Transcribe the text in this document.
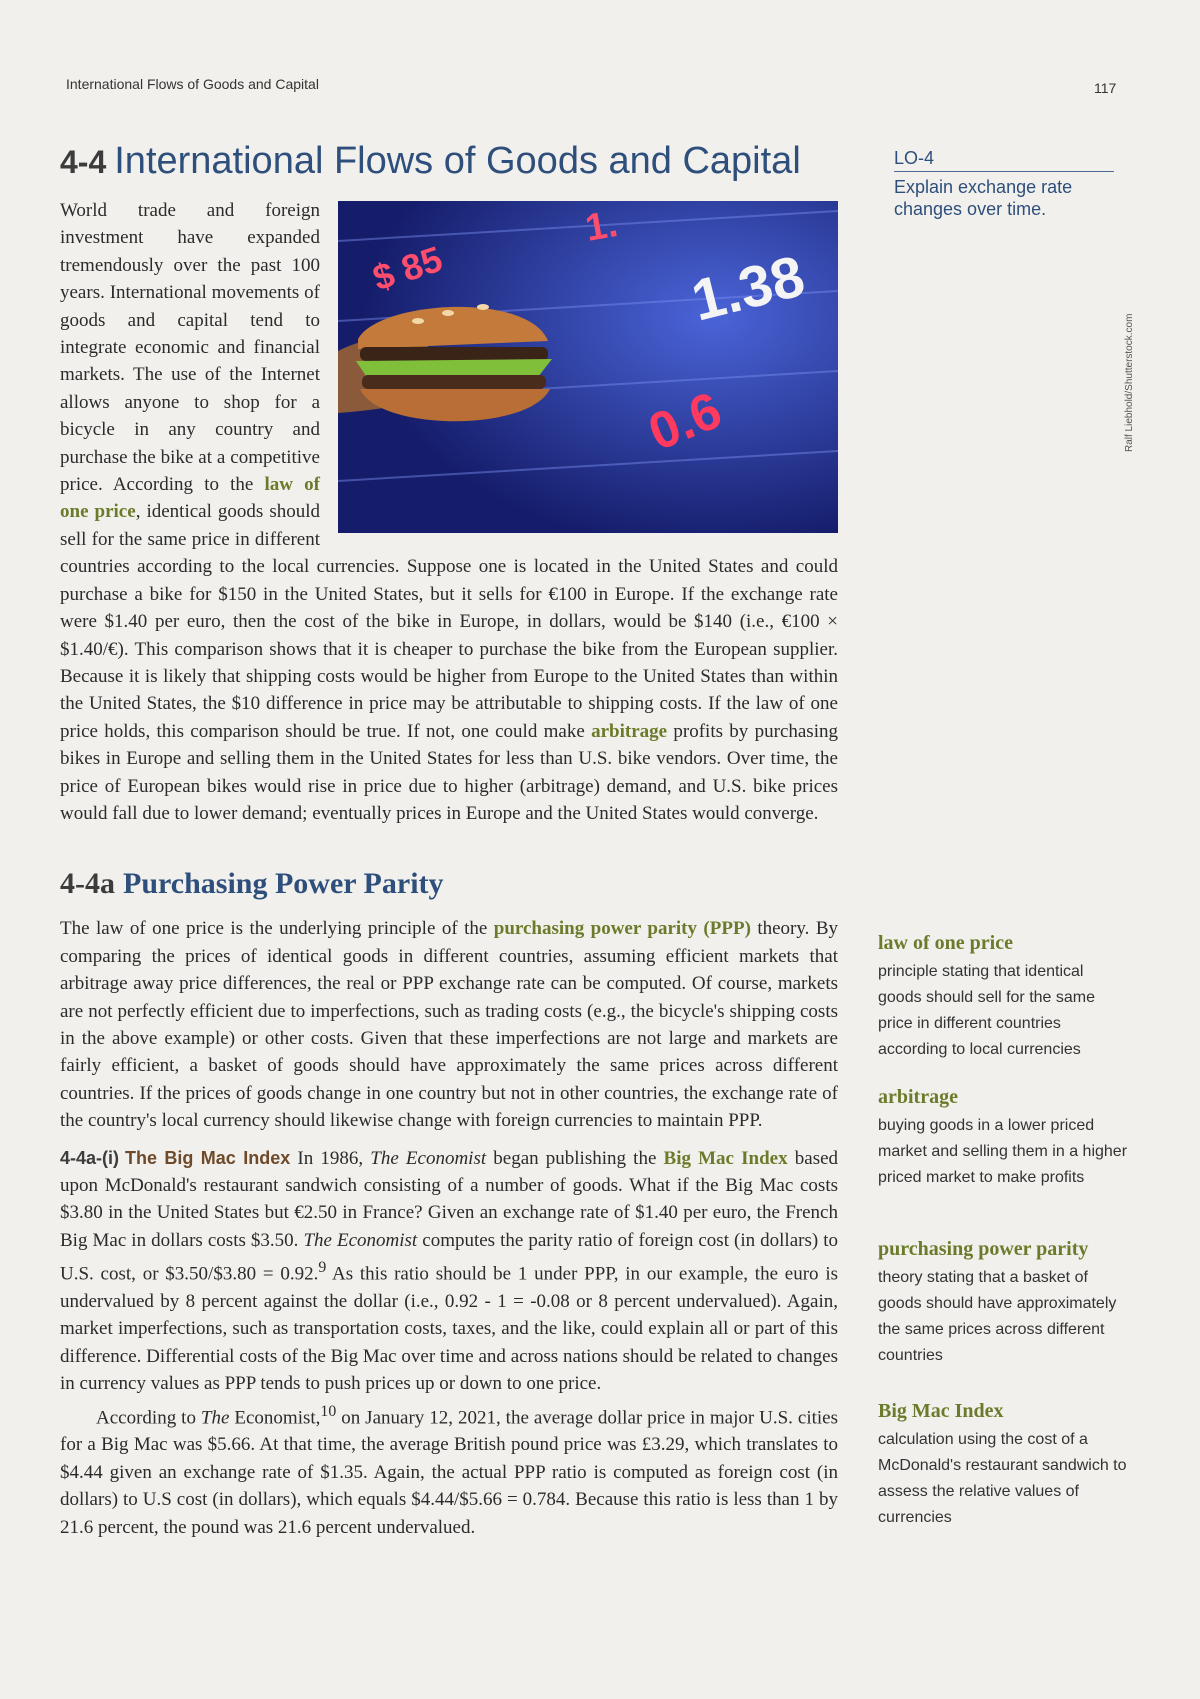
International Flows of Goods and Capital	117
4-4 International Flows of Goods and Capital

$ 85	1.38
1.
0.6
World trade and foreign investment have expanded tremendously over the past 100 years. International movements of goods and capital tend to integrate economic and financial markets. The use of the Internet allows anyone to shop for a bicycle in any country and purchase the bike at a competitive price. According to the law of one price, identical goods should sell for the same price in different countries according to the local currencies. Suppose one is located in the United States and could purchase a bike for $150 in the United States, but it sells for €100 in Europe. If the exchange rate were $1.40 per euro, then the cost of the bike in Europe, in dollars, would be $140 (i.e., €100 × $1.40/€). This comparison shows that it is cheaper to purchase the bike from the European supplier. Because it is likely that shipping costs would be higher from Europe to the United States than within the United States, the $10 difference in price may be attributable to shipping costs. If the law of one price holds, this comparison should be true. If not, one could make arbitrage profits by purchasing bikes in Europe and selling them in the United States for less than U.S. bike vendors. Over time, the price of European bikes would rise in price due to higher (arbitrage) demand, and U.S. bike prices would fall due to lower demand; eventually prices in Europe and the United States would converge.

4-4a Purchasing Power Parity

The law of one price is the underlying principle of the purchasing power parity (PPP) theory. By comparing the prices of identical goods in different countries, assuming efficient markets that arbitrage away price differences, the real or PPP exchange rate can be computed. Of course, markets are not perfectly efficient due to imperfections, such as trading costs (e.g., the bicycle's shipping costs in the above example) or other costs. Given that these imperfections are not large and markets are fairly efficient, a basket of goods should have approximately the same prices across different countries. If the prices of goods change in one country but not in other countries, the exchange rate of the country's local currency should likewise change with foreign currencies to maintain PPP.

4-4a-(i) The Big Mac Index In 1986, The Economist began publishing the Big Mac Index based upon McDonald's restaurant sandwich consisting of a number of goods. What if the Big Mac costs $3.80 in the United States but €2.50 in France? Given an exchange rate of $1.40 per euro, the French Big Mac in dollars costs $3.50. The Economist computes the parity ratio of foreign cost (in dollars) to U.S. cost, or $3.50/$3.80 = 0.92.$^9$ As this ratio should be 1 under PPP, in our example, the euro is undervalued by 8 percent against the dollar (i.e., 0.92 - 1 = -0.08 or 8 percent undervalued). Again, market imperfections, such as transportation costs, taxes, and the like, could explain all or part of this difference. Differential costs of the Big Mac over time and across nations should be related to changes in currency values as PPP tends to push prices up or down to one price.

According to The Economist,$^{10}$ on January 12, 2021, the average dollar price in major U.S. cities for a Big Mac was $5.66. At that time, the average British pound price was £3.29, which translates to $4.44 given an exchange rate of $1.35. Again, the actual PPP ratio is computed as foreign cost (in dollars) to U.S cost (in dollars), which equals $4.44/$5.66 = 0.784. Because this ratio is less than 1 by 21.6 percent, the pound was 21.6 percent undervalued.

Ralf Liebhold/Shutterstock.com
LO-4
Explain exchange rate changes over time.
law of one price
principle stating that identical goods should sell for the same price in different countries according to local currencies
arbitrage
buying goods in a lower priced market and selling them in a higher priced market to make profits
purchasing power parity
theory stating that a basket of goods should have approximately the same prices across different countries
Big Mac Index
calculation using the cost of a McDonald's restaurant sandwich to assess the relative values of currencies
